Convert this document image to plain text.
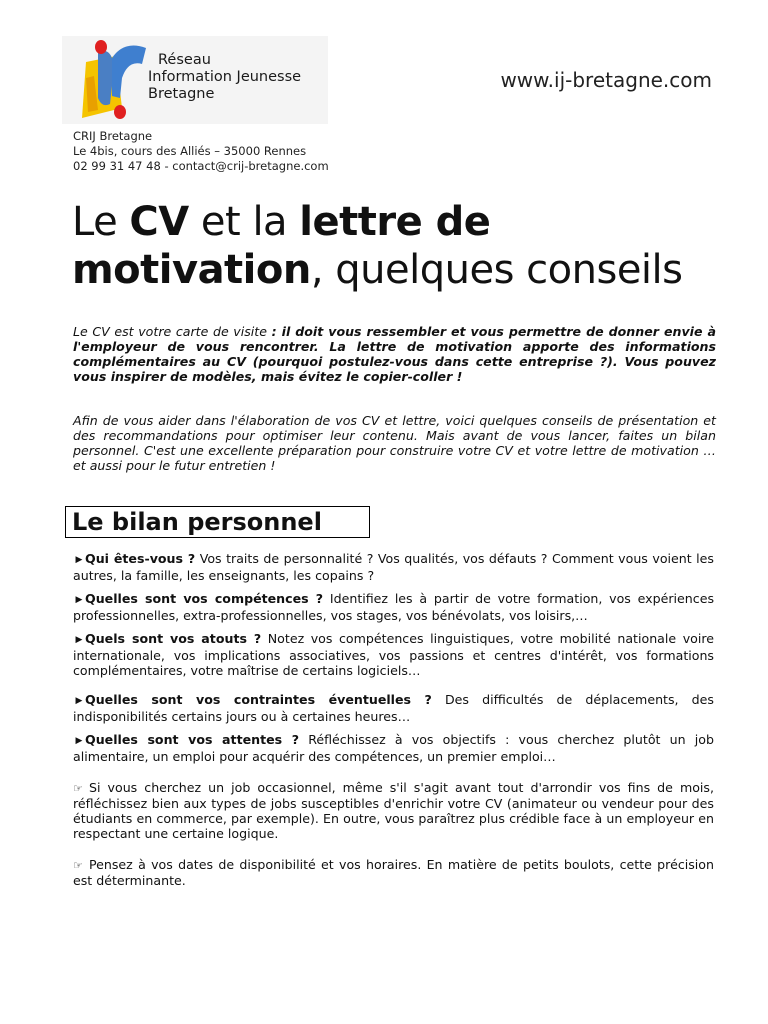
Réseau
Information Jeunesse
Bretagne
www.ij-bretagne.com
CRIJ Bretagne
Le 4bis, cours des Alliés – 35000 Rennes
02 99 31 47 48 - contact@crij-bretagne.com
Le CV et la lettre de motivation, quelques conseils
Le CV est votre carte de visite : il doit vous ressembler et vous permettre de donner envie à l'employeur de vous rencontrer. La lettre de motivation apporte des informations complémentaires au CV (pourquoi postulez-vous dans cette entreprise ?). Vous pouvez vous inspirer de modèles, mais évitez le copier-coller !
Afin de vous aider dans l'élaboration de vos CV et lettre, voici quelques conseils de présentation et des recommandations pour optimiser leur contenu. Mais avant de vous lancer, faites un bilan personnel. C'est une excellente préparation pour construire votre CV et votre lettre de motivation … et aussi pour le futur entretien !
Le bilan personnel

▶ Qui êtes-vous ? Vos traits de personnalité ? Vos qualités, vos défauts ? Comment vous voient les autres, la famille, les enseignants, les copains ?

▶ Quelles sont vos compétences ? Identifiez les à partir de votre formation, vos expériences professionnelles, extra-professionnelles, vos stages, vos bénévolats, vos loisirs,…

▶ Quels sont vos atouts ? Notez vos compétences linguistiques, votre mobilité nationale voire internationale, vos implications associatives, vos passions et centres d'intérêt, vos formations complémentaires, votre maîtrise de certains logiciels…

▶ Quelles sont vos contraintes éventuelles ? Des difficultés de déplacements, des indisponibilités certains jours ou à certaines heures…

▶ Quelles sont vos attentes ? Réfléchissez à vos objectifs : vous cherchez plutôt un job alimentaire, un emploi pour acquérir des compétences, un premier emploi…

☞ Si vous cherchez un job occasionnel, même s'il s'agit avant tout d'arrondir vos fins de mois, réfléchissez bien aux types de jobs susceptibles d'enrichir votre CV (animateur ou vendeur pour des étudiants en commerce, par exemple). En outre, vous paraîtrez plus crédible face à un employeur en respectant une certaine logique.

☞ Pensez à vos dates de disponibilité et vos horaires. En matière de petits boulots, cette précision est déterminante.
